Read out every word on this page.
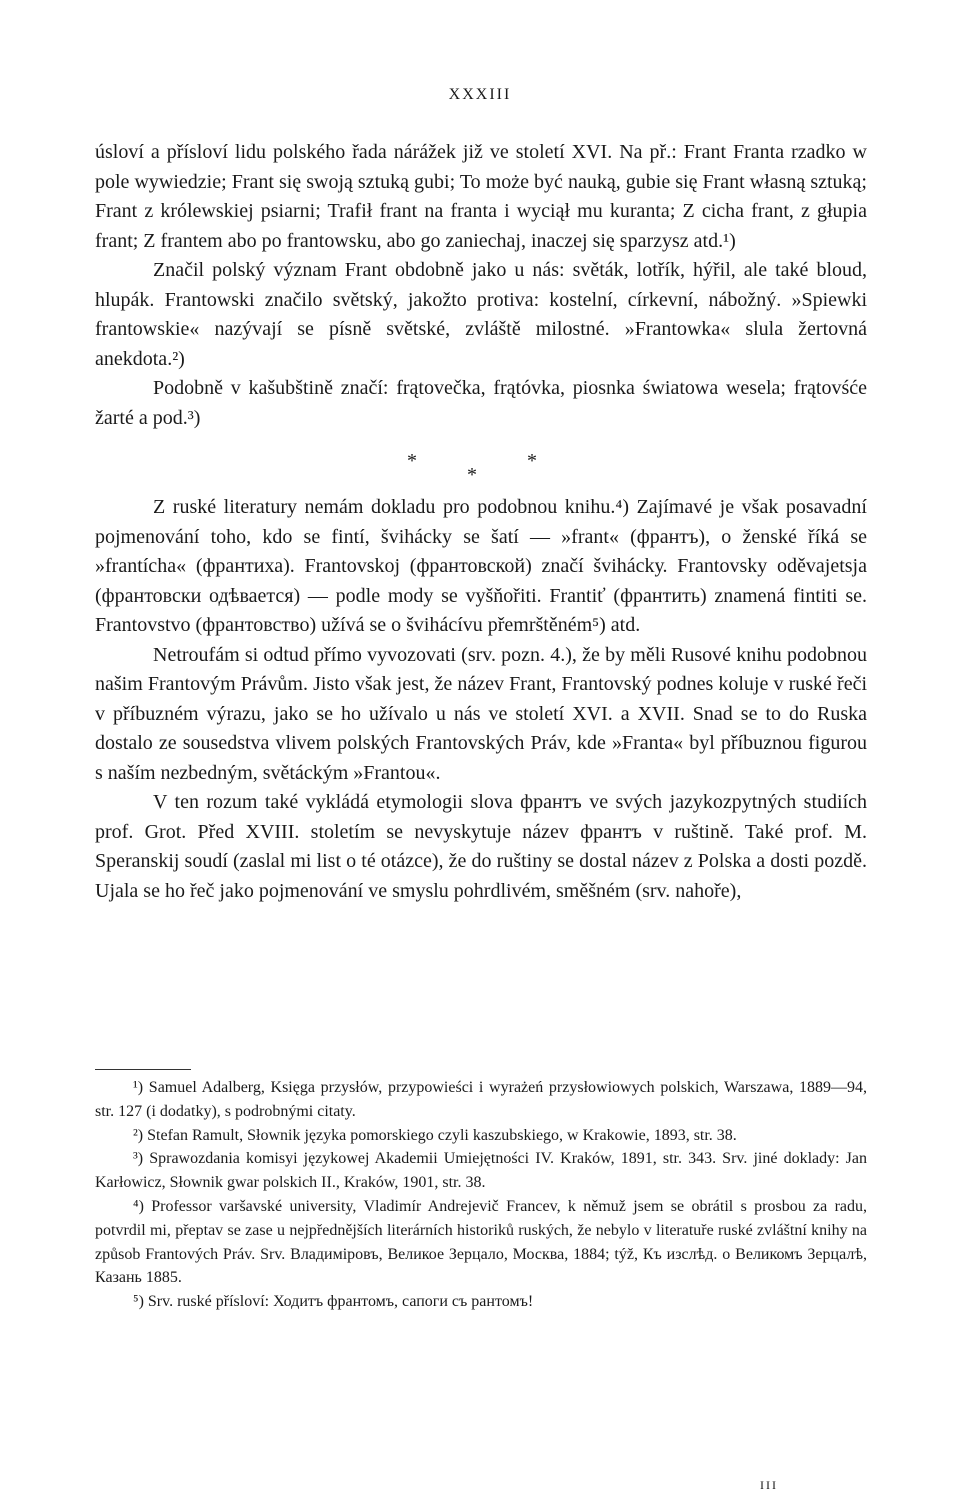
XXXIII

úsloví a přísloví lidu polského řada nárážek již ve století XVI. Na př.: Frant Franta rzadko w pole wywiedzie; Frant się swoją sztuką gubi; To może być nauką, gubie się Frant własną sztuką; Frant z królewskiej psiarni; Trafił frant na franta i wyciął mu kuranta; Z cicha frant, z głupia frant; Z frantem abo po frantowsku, abo go zaniechaj, inaczej się sparzysz atd.¹)

Značil polský význam Frant obdobně jako u nás: světák, lotřík, hýřil, ale také bloud, hlupák. Frantowski značilo světský, jakožto protiva: kostelní, církevní, nábožný. »Spiewki frantowskie« nazývají se písně světské, zvláště milostné. »Frantowka« slula žertovná anekdota.²)

Podobně v kašubštině značí: frątovečka, frątóvka, piosnka światowa wesela; frątovśće žarté a pod.³)

*
*
*

Z ruské literatury nemám dokladu pro podobnou knihu.⁴) Zajímavé je však posavadní pojmenování toho, kdo se fintí, šviháckу se šatí — »frant« (франтъ), o ženské říká se »frantícha« (франтиха). Frantovskoj (франтовской) značí šviháckу. Frantovsky oděvajetsja (франтовски одѣвается) — podle mody se vyšňořiti. Frantiť (франтить) znamená fintiti se. Frantovstvo (франтовство) užívá se o švihácívu přemrštěném⁵) atd.

Netroufám si odtud přímo vyvozovati (srv. pozn. 4.), že by měli Rusové knihu podobnou našim Frantovým Právům. Jisto však jest, že název Frant, Frantovský podnes koluje v ruské řeči v příbuzném výrazu, jako se ho užívalo u nás ve století XVI. a XVII. Snad se to do Ruska dostalo ze sousedstva vlivem polských Frantovských Práv, kde »Franta« byl příbuznou figurou s naším nezbedným, světáckým »Frantou«.

V ten rozum také vykládá etymologii slova франтъ ve svých jazykozpytných studiích prof. Grot. Před XVIII. stoletím se nevyskytuje název франтъ v ruštině. Také prof. M. Speranskij soudí (zaslal mi list o té otázce), že do ruštiny se dostal název z Polska a dosti pozdě. Ujala se ho řeč jako pojmenování ve smyslu pohrdlivém, směšném (srv. nahoře),

¹) Samuel Adalberg, Księga przysłów, przypowieści i wyrażeń przysłowiowych polskich, Warszawa, 1889—94, str. 127 (i dodatky), s podrobnými citaty.

²) Stefan Ramult, Słownik języka pomorskiego czyli kaszubskiego, w Krakowie, 1893, str. 38.

³) Sprawozdania komisyi językowej Akademii Umiejętności IV. Kraków, 1891, str. 343. Srv. jiné doklady: Jan Karłowicz, Słownik gwar polskich II., Kraków, 1901, str. 38.

⁴) Professor varšavské university, Vladimír Andrejevič Francev, k němuž jsem se obrátil s prosbou za radu, potvrdil mi, přeptav se zase u nejpřednějších literárních historiků ruských, že nebylo v literatuře ruské zvláštní knihy na způsob Frantových Práv. Srv. Владиміровъ, Великое Зерцало, Москва, 1884; týž, Къ изслѣд. о Великомъ Зерцалѣ, Казань 1885.

⁵) Srv. ruské přísloví: Ходитъ франтомъ, сапоги съ рантомъ!

III
